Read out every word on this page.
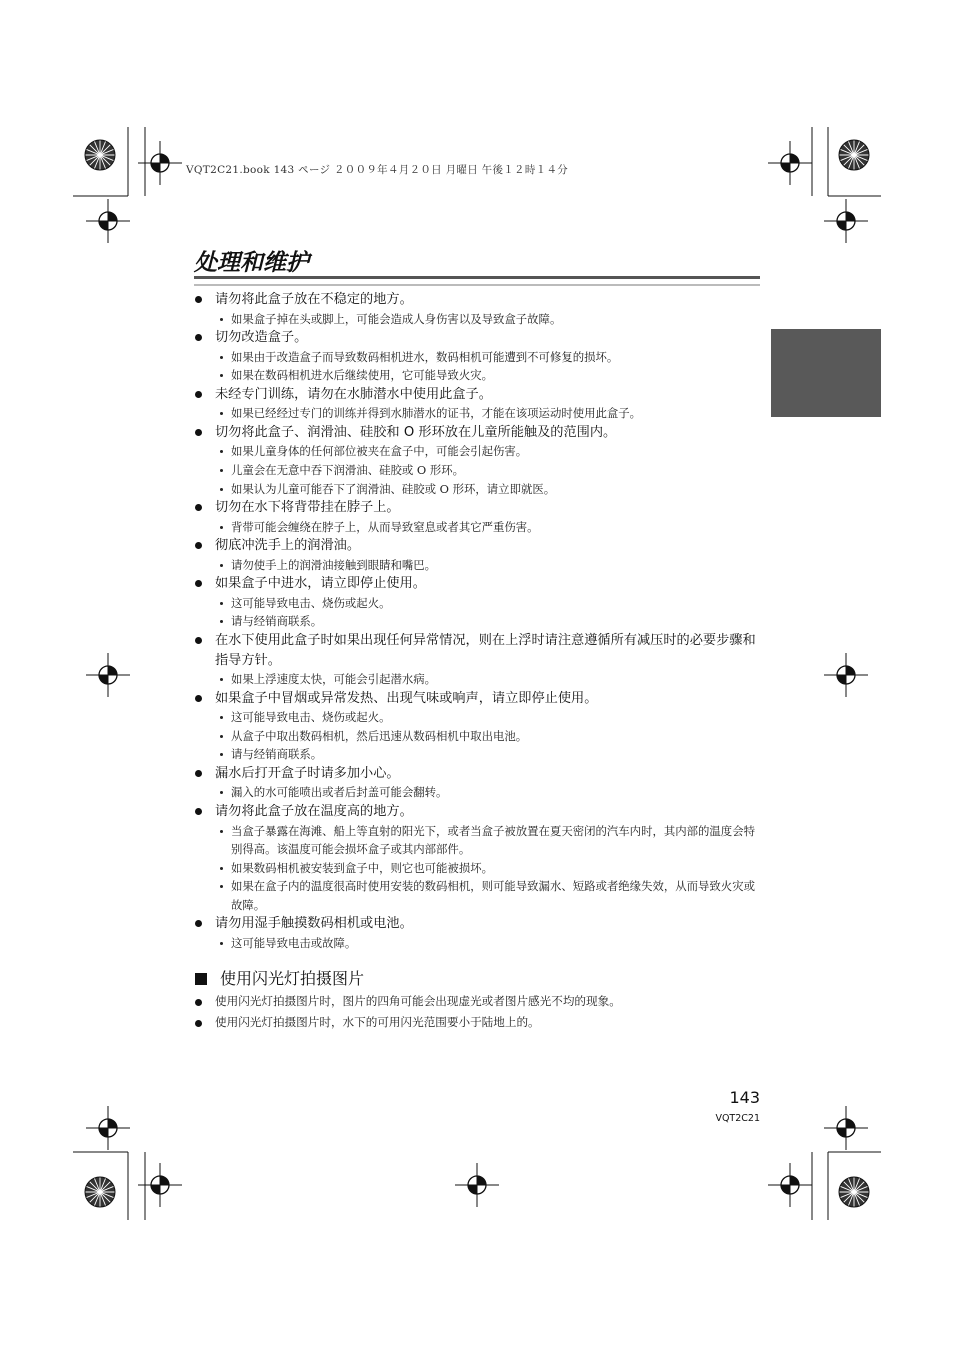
VQT2C21.book 143 ページ ２００９年４月２０日 月曜日 午後１２時１４分
处理和维护
请勿将此盒子放在不稳定的地方。
如果盒子掉在头或脚上，可能会造成人身伤害以及导致盒子故障。
切勿改造盒子。
如果由于改造盒子而导致数码相机进水，数码相机可能遭到不可修复的损坏。
如果在数码相机进水后继续使用，它可能导致火灾。
未经专门训练，请勿在水肺潜水中使用此盒子。
如果已经经过专门的训练并得到水肺潜水的证书，才能在该项运动时使用此盒子。
切勿将此盒子、润滑油、硅胶和 O 形环放在儿童所能触及的范围内。
如果儿童身体的任何部位被夹在盒子中，可能会引起伤害。
儿童会在无意中吞下润滑油、硅胶或 O 形环。
如果认为儿童可能吞下了润滑油、硅胶或 O 形环，请立即就医。
切勿在水下将背带挂在脖子上。
背带可能会缠绕在脖子上，从而导致窒息或者其它严重伤害。
彻底冲洗手上的润滑油。
请勿使手上的润滑油接触到眼睛和嘴巴。
如果盒子中进水，请立即停止使用。
这可能导致电击、烧伤或起火。
请与经销商联系。
在水下使用此盒子时如果出现任何异常情况，则在上浮时请注意遵循所有减压时的必要步骤和指导方针。
如果上浮速度太快，可能会引起潜水病。
如果盒子中冒烟或异常发热、出现气味或响声，请立即停止使用。
这可能导致电击、烧伤或起火。
从盒子中取出数码相机，然后迅速从数码相机中取出电池。
请与经销商联系。
漏水后打开盒子时请多加小心。
漏入的水可能喷出或者后封盖可能会翻转。
请勿将此盒子放在温度高的地方。
当盒子暴露在海滩、船上等直射的阳光下，或者当盒子被放置在夏天密闭的汽车内时，其内部的温度会特别得高。该温度可能会损坏盒子或其内部部件。
如果数码相机被安装到盒子中，则它也可能被损坏。
如果在盒子内的温度很高时使用安装的数码相机，则可能导致漏水、短路或者绝缘失效，从而导致火灾或故障。
请勿用湿手触摸数码相机或电池。
这可能导致电击或故障。
使用闪光灯拍摄图片
使用闪光灯拍摄图片时，图片的四角可能会出现虚光或者图片感光不均的现象。
使用闪光灯拍摄图片时，水下的可用闪光范围要小于陆地上的。
143
VQT2C21
